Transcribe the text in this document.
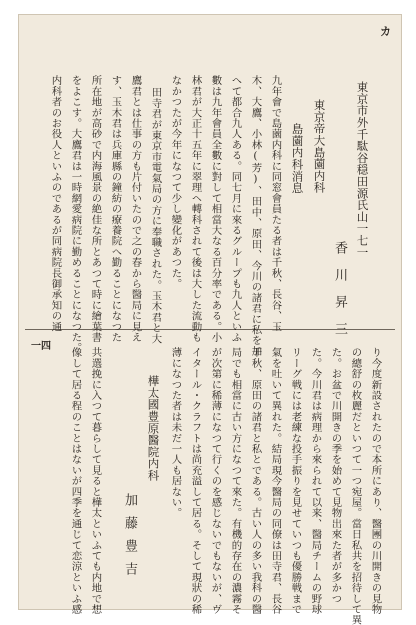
カ
一四
東京市外千駄谷穏田源氏山一七一
香川昇三
東京帝大島薗内科
島薗内科消息
九年會で島薗内科に同窓會員たる者は千秋、長谷、玉
木、大鷹、小林(芳)、田中、原田、今川の諸君に私を加
へて都合九人ある。同七月に來るグループも九人といふ
數は九年會員全數に對して相當大なる百分率である。小
林君が大正十五年に翠理ヘ轉科されて後は大した流動も
なかつたが今年になつて少し變化があつた。
田寺君が東京市電氣局の方に奉職された。玉木君と大
鷹君とは仕事の方も片付いたので之の春から醫局に見え
す、玉木君は兵庫縣の鐘紡の療養院へ勤ることになつた
所在地が高砂で内海風景の絶佳な所とあつて時に繪葉書
をよこす。大鷹君は一時網愛病院に勤めることになつた。
内科者のお役人といふのであるが同病院長御承知の通
り今度新設されたので本所にあり、醫團の川開きの見物
の總舒の枚麗だといつて一つ宛屋。當日私共を招待して異
た。お盆で川開きの季を始めて見物出來た者が多かつ
た。今川君は病理から來られて以来、醫局チームの野球
リーグ戦には老練な投手振りを見せていつも優勝戦まで
氣を吐いて異れた。結局現今醫局の同僚は田寺君、長谷
千秋、原田の諸君と私とである。古い人の多い我科の醫
局でも相當に古い方になつて來た。有機的存在の濃霧そ
が次第に稀薄になつて行くのを感じないでもないが、ヴ
イタール・クラフトは尚充溢して居る。そして現狀の稀
薄になつた者は未だ一人も居ない。
樺太國豊原醫院内科
加藤豊吉
共選挽に入つて暮らして見ると樺太といふても内地で想
像して居る程のことはないが四季を通じて恋涼といふ感
